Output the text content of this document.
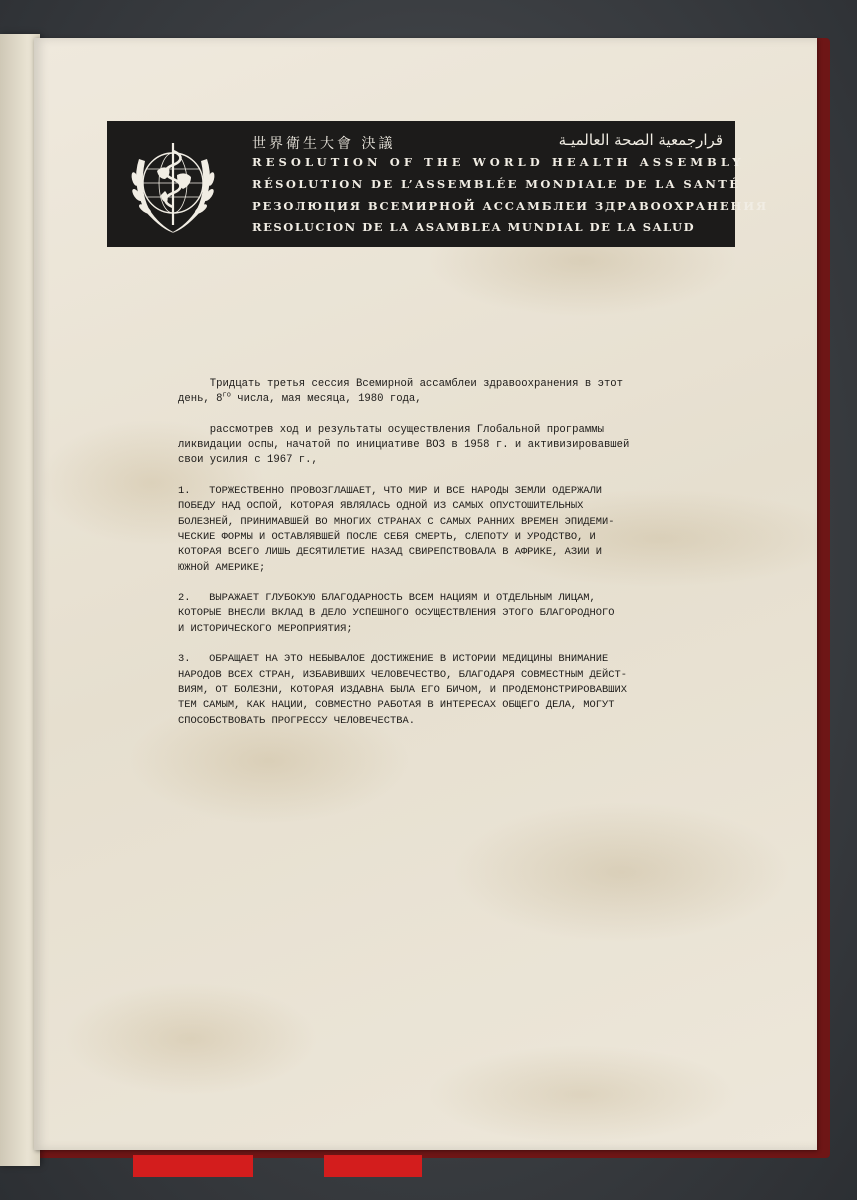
世界衛生大會 決議	قرارجمعية الصحة العالميـة
RESOLUTION OF THE WORLD HEALTH ASSEMBLY
RÉSOLUTION DE L’ASSEMBLÉE MONDIALE DE LA SANTÉ
РЕЗОЛЮЦИЯ ВСЕМИРНОЙ АССАМБЛЕИ ЗДРАВООХРАНЕНИЯ
RESOLUCION DE LA ASAMBLEA MUNDIAL DE LA SALUD
Тридцать третья сессия Всемирной ассамблеи здравоохранения в этот
день, $8^{го}$ числа, мая месяца, 1980 года,
рассмотрев ход и результаты осуществления Глобальной программы
ликвидации оспы, начатой по инициативе ВОЗ в 1958 г. и активизировавшей
свои усилия с 1967 г.,
1.   ТОРЖЕСТВЕННО ПРОВОЗГЛАШАЕТ, ЧТО МИР И ВСЕ НАРОДЫ ЗЕМЛИ ОДЕРЖАЛИ
ПОБЕДУ НАД ОСПОЙ, КОТОРАЯ ЯВЛЯЛАСЬ ОДНОЙ ИЗ САМЫХ ОПУСТОШИТЕЛЬНЫХ
БОЛЕЗНЕЙ, ПРИНИМАВШЕЙ ВО МНОГИХ СТРАНАХ С САМЫХ РАННИХ ВРЕМЕН ЭПИДЕМИ-
ЧЕСКИЕ ФОРМЫ И ОСТАВЛЯВШЕЙ ПОСЛЕ СЕБЯ СМЕРТЬ, СЛЕПОТУ И УРОДСТВО, И
КОТОРАЯ ВСЕГО ЛИШЬ ДЕСЯТИЛЕТИЕ НАЗАД СВИРЕПСТВОВАЛА В АФРИКЕ, АЗИИ И
ЮЖНОЙ АМЕРИКЕ;
2.   ВЫРАЖАЕТ ГЛУБОКУЮ БЛАГОДАРНОСТЬ ВСЕМ НАЦИЯМ И ОТДЕЛЬНЫМ ЛИЦАМ,
КОТОРЫЕ ВНЕСЛИ ВКЛАД В ДЕЛО УСПЕШНОГО ОСУЩЕСТВЛЕНИЯ ЭТОГО БЛАГОРОДНОГО
И ИСТОРИЧЕСКОГО МЕРОПРИЯТИЯ;
3.   ОБРАЩАЕТ НА ЭТО НЕБЫВАЛОЕ ДОСТИЖЕНИЕ В ИСТОРИИ МЕДИЦИНЫ ВНИМАНИЕ
НАРОДОВ ВСЕХ СТРАН, ИЗБАВИВШИХ ЧЕЛОВЕЧЕСТВО, БЛАГОДАРЯ СОВМЕСТНЫМ ДЕЙСТ-
ВИЯМ, ОТ БОЛЕЗНИ, КОТОРАЯ ИЗДАВНА БЫЛА ЕГО БИЧОМ, И ПРОДЕМОНСТРИРОВАВШИХ
ТЕМ САМЫМ, КАК НАЦИИ, СОВМЕСТНО РАБОТАЯ В ИНТЕРЕСАХ ОБЩЕГО ДЕЛА, МОГУТ
СПОСОБСТВОВАТЬ ПРОГРЕССУ ЧЕЛОВЕЧЕСТВА.
